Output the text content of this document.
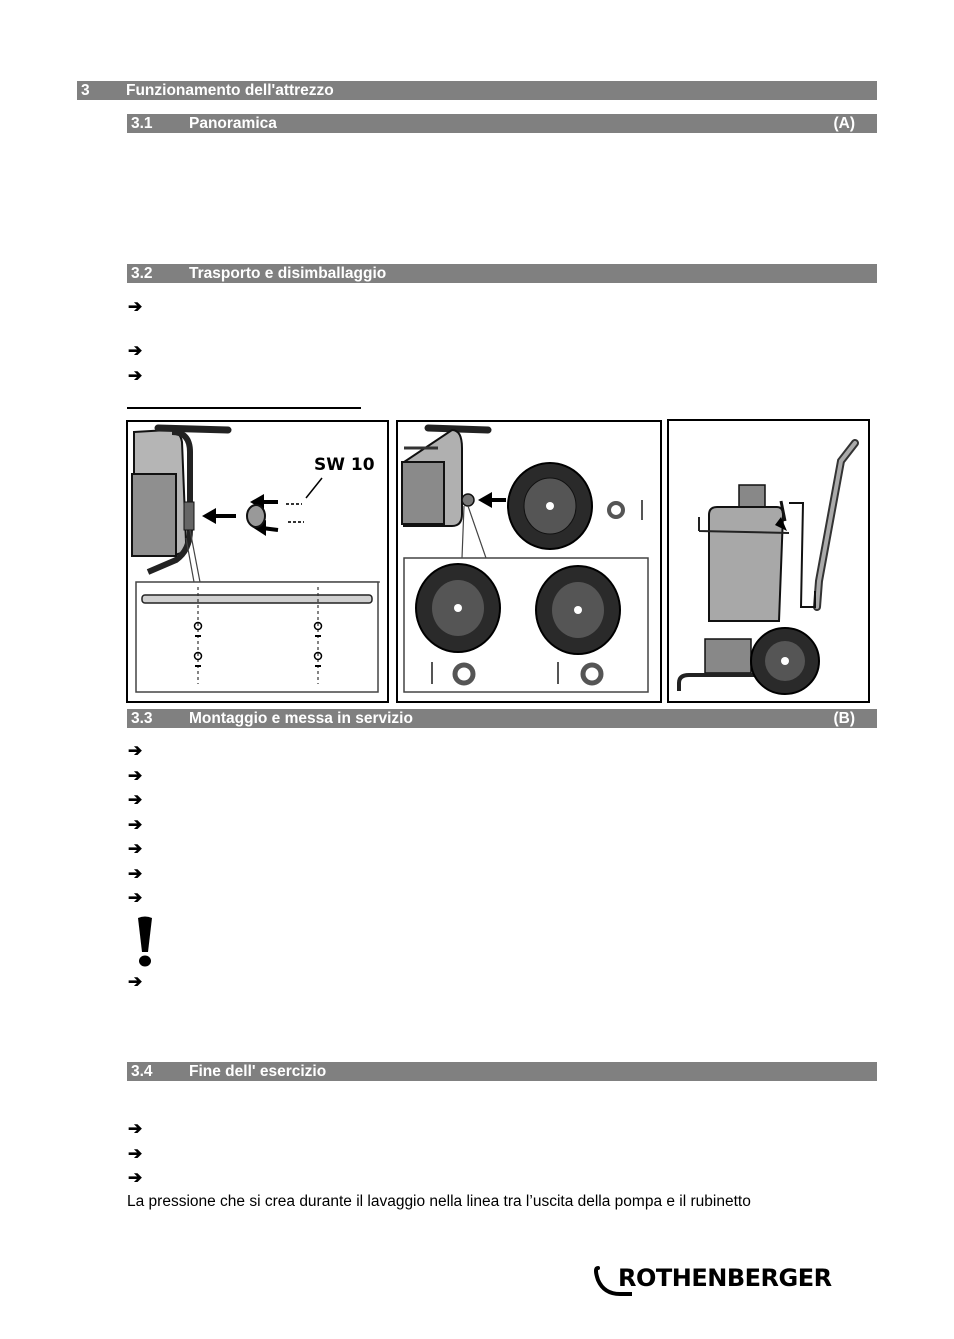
3 Funzionamento dell'attrezzo
3.1 Panoramica	(A)
3.2 Trasporto e disimballaggio
➔
➔
➔
SW 10
3.3 Montaggio e messa in servizio	(B)
➔
➔
➔
➔
➔
➔
➔
➔
3.4 Fine dell' esercizio
➔
➔
➔
La pressione che si crea durante il lavaggio nella linea tra l’uscita della pompa e il rubinetto
ROTHENBERGER
